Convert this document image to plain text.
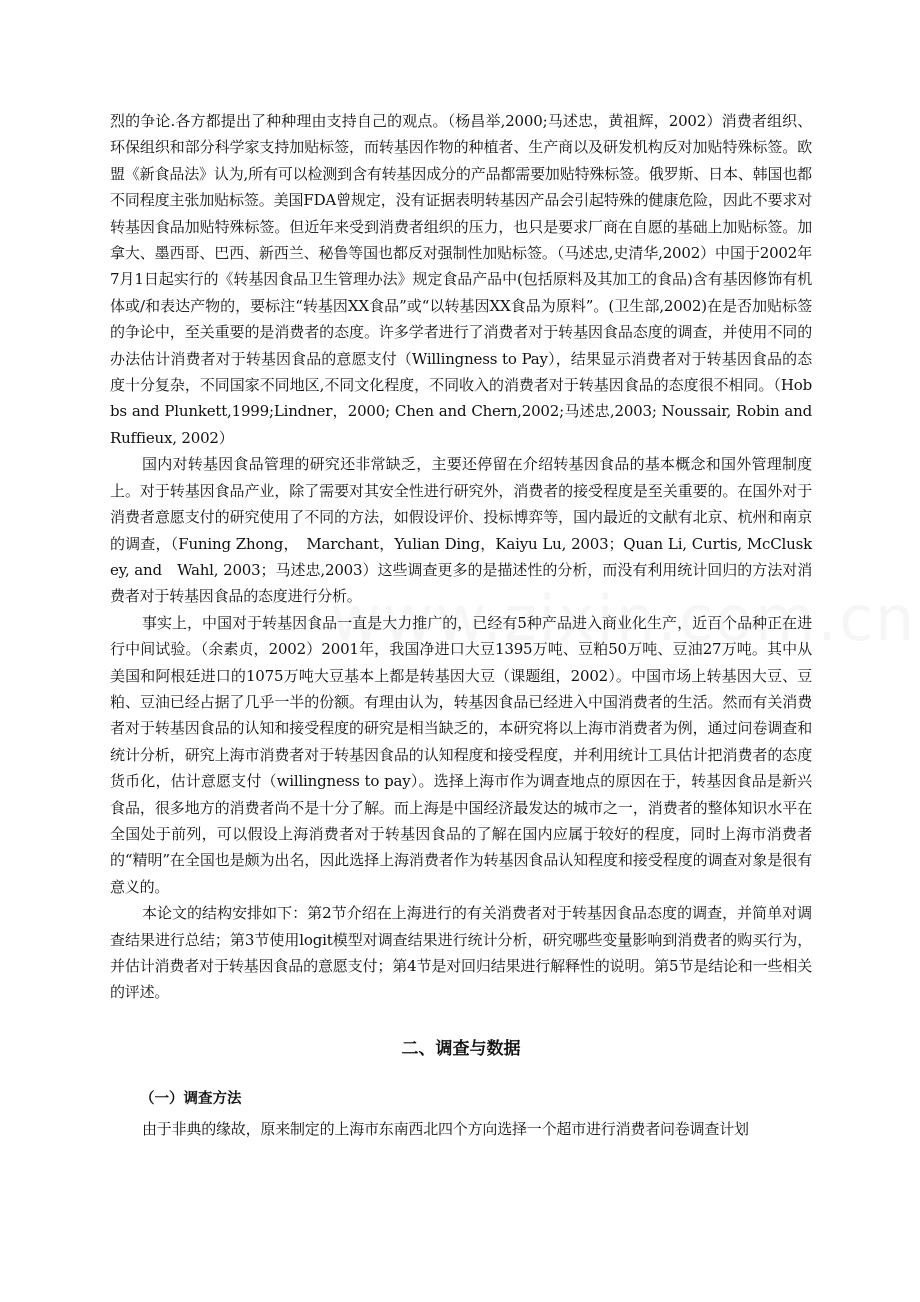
烈的争论.各方都提出了种种理由支持自己的观点。（杨昌举,2000;马述忠，黄祖辉，2002）消费者组织、环保组织和部分科学家支持加贴标签，而转基因作物的种植者、生产商以及研发机构反对加贴特殊标签。欧盟《新食品法》认为,所有可以检测到含有转基因成分的产品都需要加贴特殊标签。俄罗斯、日本、韩国也都不同程度主张加贴标签。美国FDA曾规定，没有证据表明转基因产品会引起特殊的健康危险，因此不要求对转基因食品加贴特殊标签。但近年来受到消费者组织的压力，也只是要求厂商在自愿的基础上加贴标签。加拿大、墨西哥、巴西、新西兰、秘鲁等国也都反对强制性加贴标签。（马述忠,史清华,2002）中国于2002年7月1日起实行的《转基因食品卫生管理办法》规定食品产品中(包括原料及其加工的食品)含有基因修饰有机体或/和表达产物的，要标注“转基因XX食品”或“以转基因XX食品为原料”。(卫生部,2002)在是否加贴标签的争论中，至关重要的是消费者的态度。许多学者进行了消费者对于转基因食品态度的调查，并使用不同的办法估计消费者对于转基因食品的意愿支付（Willingness to Pay），结果显示消费者对于转基因食品的态度十分复杂，不同国家不同地区,不同文化程度，不同收入的消费者对于转基因食品的态度很不相同。（Hobbs and Plunkett,1999;Lindner，2000; Chen and Chern,2002;马述忠,2003; Noussair, Robin and Ruffieux, 2002）

国内对转基因食品管理的研究还非常缺乏，主要还停留在介绍转基因食品的基本概念和国外管理制度上。对于转基因食品产业，除了需要对其安全性进行研究外，消费者的接受程度是至关重要的。在国外对于消费者意愿支付的研究使用了不同的方法，如假设评价、投标博弈等，国内最近的文献有北京、杭州和南京的调查，（Funing Zhong，　Marchant，Yulian Ding，Kaiyu Lu, 2003；Quan Li, Curtis, McCluskey, and　Wahl, 2003；马述忠,2003）这些调查更多的是描述性的分析，而没有利用统计回归的方法对消费者对于转基因食品的态度进行分析。

事实上，中国对于转基因食品一直是大力推广的，已经有5种产品进入商业化生产，近百个品种正在进行中间试验。（余素贞，2002）2001年，我国净进口大豆1395万吨、豆粕50万吨、豆油27万吨。其中从美国和阿根廷进口的1075万吨大豆基本上都是转基因大豆（课题组，2002）。中国市场上转基因大豆、豆粕、豆油已经占据了几乎一半的份额。有理由认为，转基因食品已经进入中国消费者的生活。然而有关消费者对于转基因食品的认知和接受程度的研究是相当缺乏的，本研究将以上海市消费者为例，通过问卷调查和统计分析，研究上海市消费者对于转基因食品的认知程度和接受程度，并利用统计工具估计把消费者的态度货币化，估计意愿支付（willingness to pay）。选择上海市作为调查地点的原因在于，转基因食品是新兴食品，很多地方的消费者尚不是十分了解。而上海是中国经济最发达的城市之一，消费者的整体知识水平在全国处于前列，可以假设上海消费者对于转基因食品的了解在国内应属于较好的程度，同时上海市消费者的“精明”在全国也是颇为出名，因此选择上海消费者作为转基因食品认知程度和接受程度的调查对象是很有意义的。

本论文的结构安排如下：第2节介绍在上海进行的有关消费者对于转基因食品态度的调查，并简单对调查结果进行总结；第3节使用logit模型对调查结果进行统计分析，研究哪些变量影响到消费者的购买行为，并估计消费者对于转基因食品的意愿支付；第4节是对回归结果进行解释性的说明。第5节是结论和一些相关的评述。

二、调查与数据
（一）调查方法

由于非典的缘故，原来制定的上海市东南西北四个方向选择一个超市进行消费者问卷调查计划
